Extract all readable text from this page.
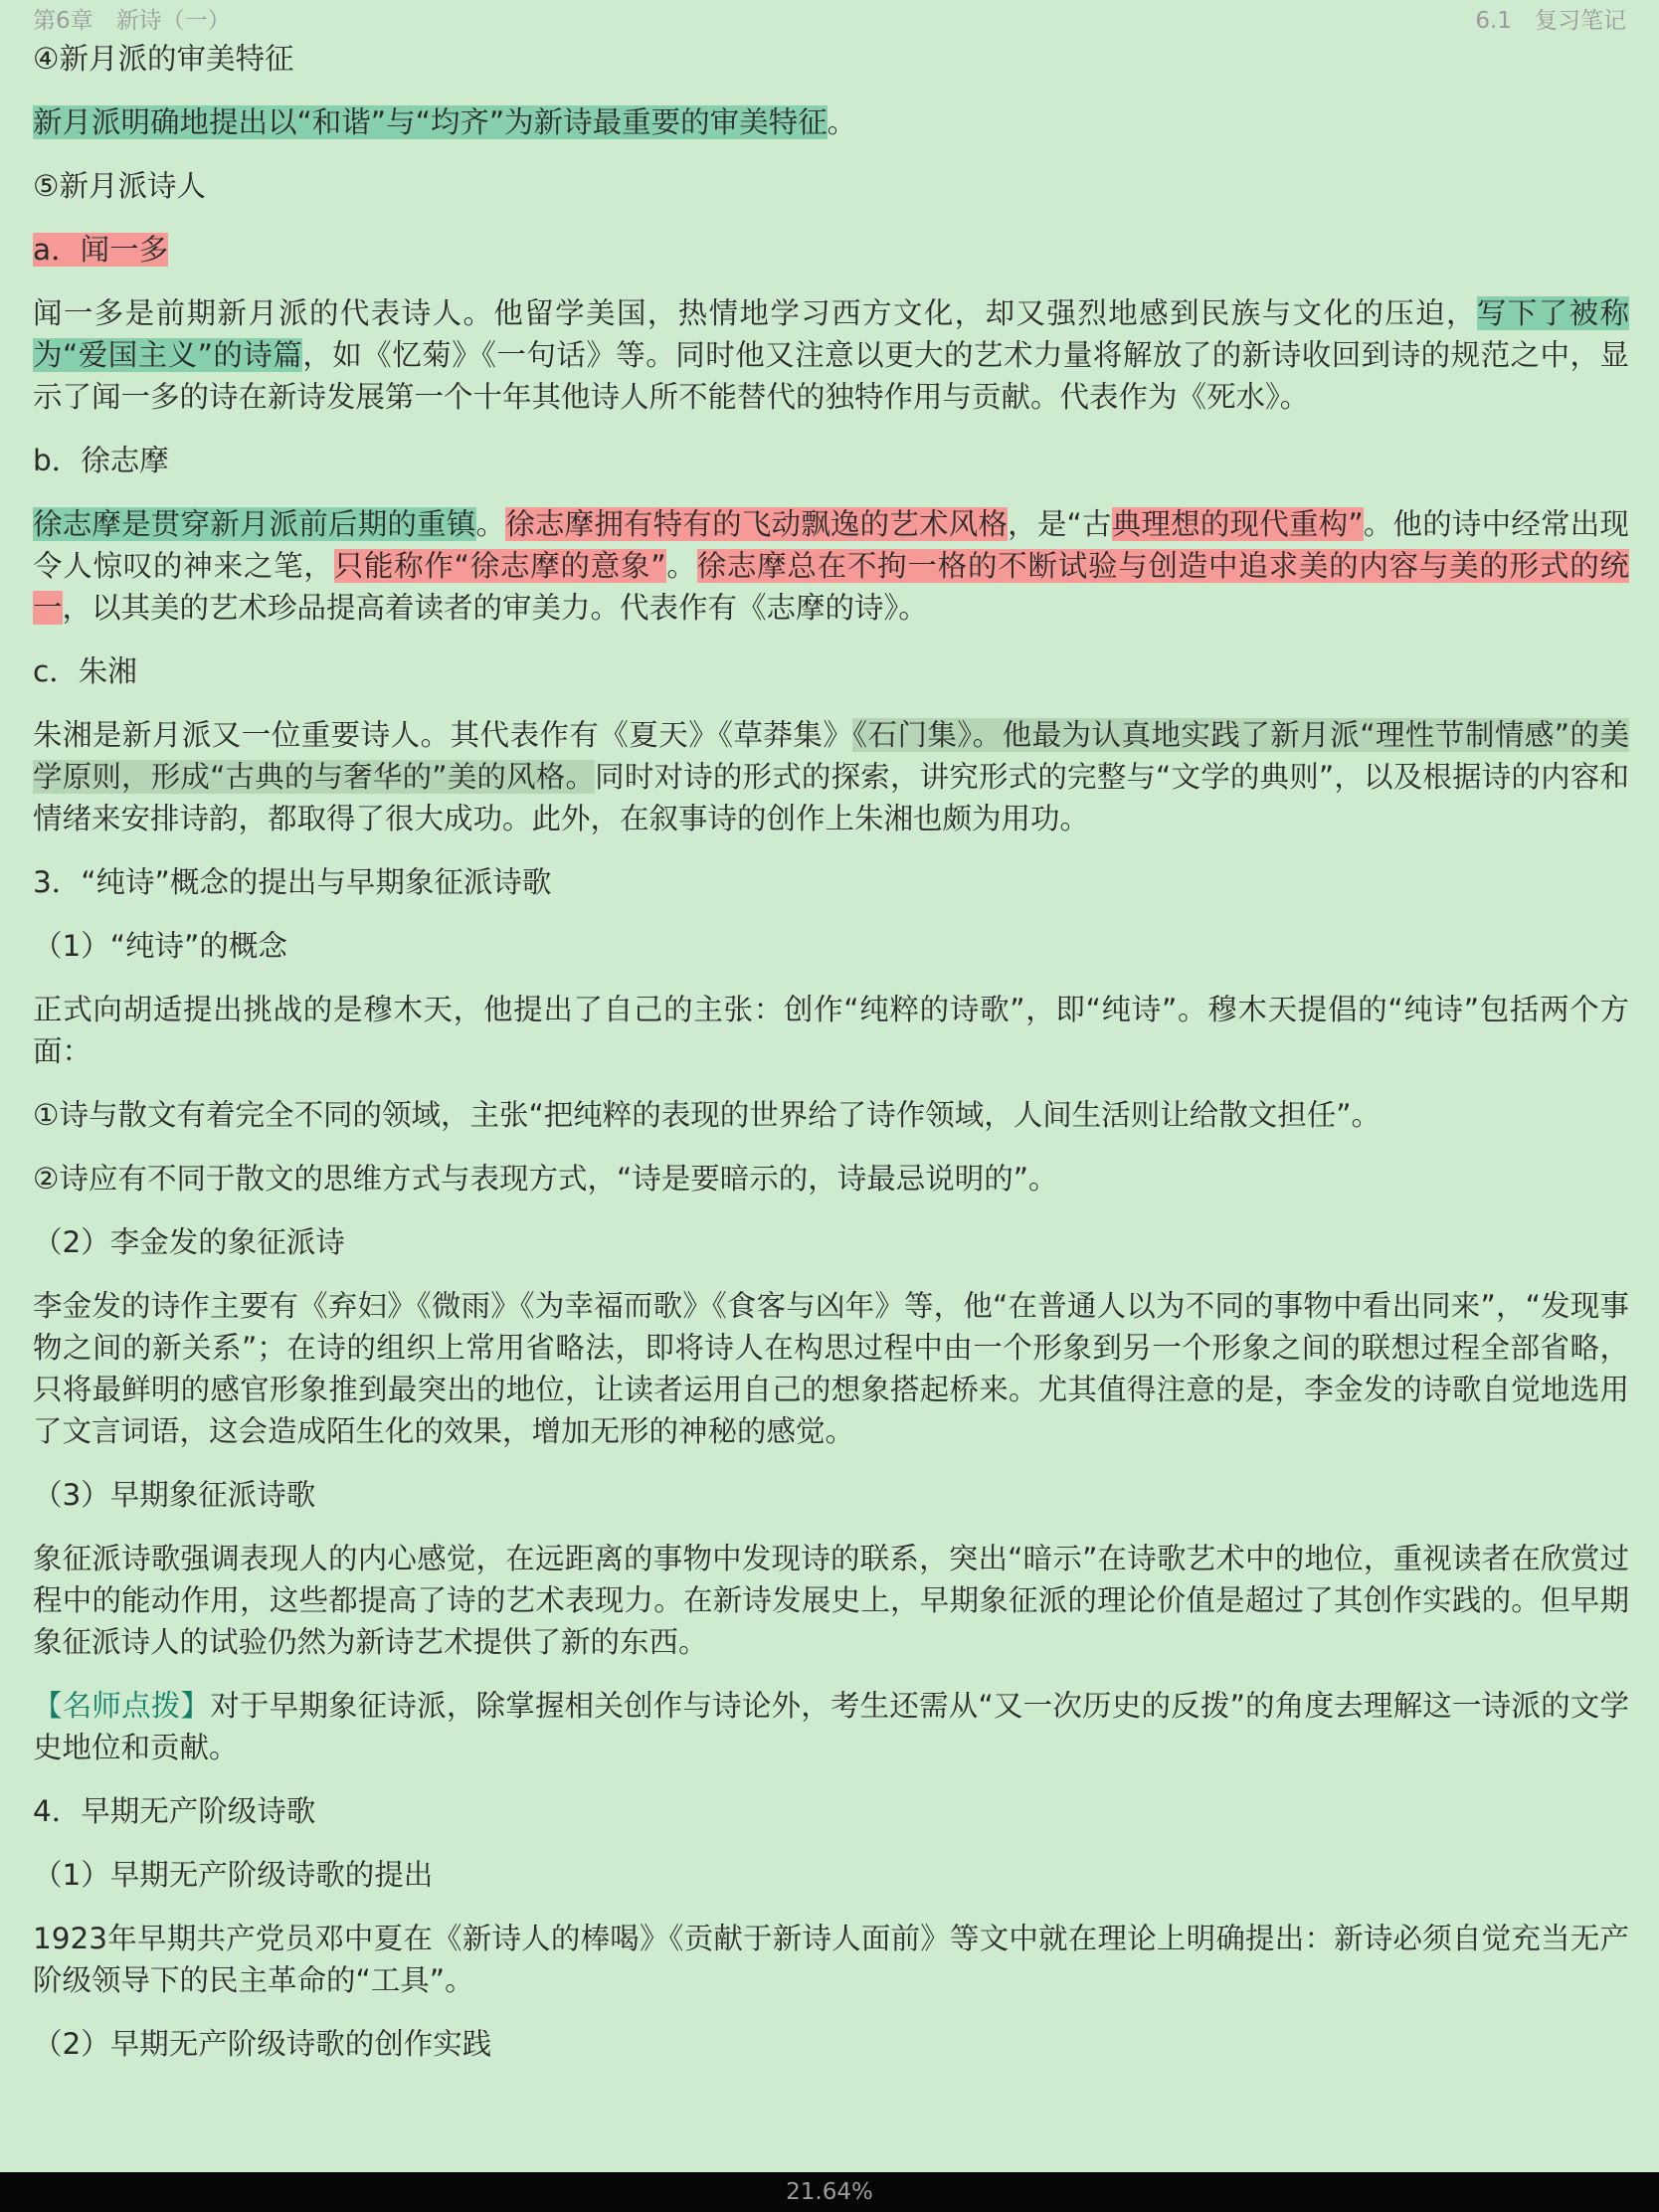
第6章　新诗（一）	6.1　复习笔记

④新月派的审美特征

新月派明确地提出以“和谐”与“均齐”为新诗最重要的审美特征。

⑤新月派诗人

a．闻一多

闻一多是前期新月派的代表诗人。他留学美国，热情地学习西方文化，却又强烈地感到民族与文化的压迫，写下了被称为“爱国主义”的诗篇，如《忆菊》《一句话》等。同时他又注意以更大的艺术力量将解放了的新诗收回到诗的规范之中，显示了闻一多的诗在新诗发展第一个十年其他诗人所不能替代的独特作用与贡献。代表作为《死水》。

b．徐志摩

徐志摩是贯穿新月派前后期的重镇。徐志摩拥有特有的飞动飘逸的艺术风格，是“古典理想的现代重构”。他的诗中经常出现令人惊叹的神来之笔，只能称作“徐志摩的意象”。徐志摩总在不拘一格的不断试验与创造中追求美的内容与美的形式的统一，以其美的艺术珍品提高着读者的审美力。代表作有《志摩的诗》。

c．朱湘

朱湘是新月派又一位重要诗人。其代表作有《夏天》《草莽集》《石门集》。他最为认真地实践了新月派“理性节制情感”的美学原则，形成“古典的与奢华的”美的风格。同时对诗的形式的探索，讲究形式的完整与“文学的典则”，以及根据诗的内容和情绪来安排诗韵，都取得了很大成功。此外，在叙事诗的创作上朱湘也颇为用功。

3．“纯诗”概念的提出与早期象征派诗歌

（1）“纯诗”的概念

正式向胡适提出挑战的是穆木天，他提出了自己的主张：创作“纯粹的诗歌”，即“纯诗”。穆木天提倡的“纯诗”包括两个方面：

①诗与散文有着完全不同的领域，主张“把纯粹的表现的世界给了诗作领域，人间生活则让给散文担任”。

②诗应有不同于散文的思维方式与表现方式，“诗是要暗示的，诗最忌说明的”。

（2）李金发的象征派诗

李金发的诗作主要有《弃妇》《微雨》《为幸福而歌》《食客与凶年》等，他“在普通人以为不同的事物中看出同来”，“发现事物之间的新关系”；在诗的组织上常用省略法，即将诗人在构思过程中由一个形象到另一个形象之间的联想过程全部省略，只将最鲜明的感官形象推到最突出的地位，让读者运用自己的想象搭起桥来。尤其值得注意的是，李金发的诗歌自觉地选用了文言词语，这会造成陌生化的效果，增加无形的神秘的感觉。

（3）早期象征派诗歌

象征派诗歌强调表现人的内心感觉，在远距离的事物中发现诗的联系，突出“暗示”在诗歌艺术中的地位，重视读者在欣赏过程中的能动作用，这些都提高了诗的艺术表现力。在新诗发展史上，早期象征派的理论价值是超过了其创作实践的。但早期象征派诗人的试验仍然为新诗艺术提供了新的东西。

【名师点拨】对于早期象征诗派，除掌握相关创作与诗论外，考生还需从“又一次历史的反拨”的角度去理解这一诗派的文学史地位和贡献。

4．早期无产阶级诗歌

（1）早期无产阶级诗歌的提出

1923年早期共产党员邓中夏在《新诗人的棒喝》《贡献于新诗人面前》等文中就在理论上明确提出：新诗必须自觉充当无产阶级领导下的民主革命的“工具”。

（2）早期无产阶级诗歌的创作实践

21.64%
